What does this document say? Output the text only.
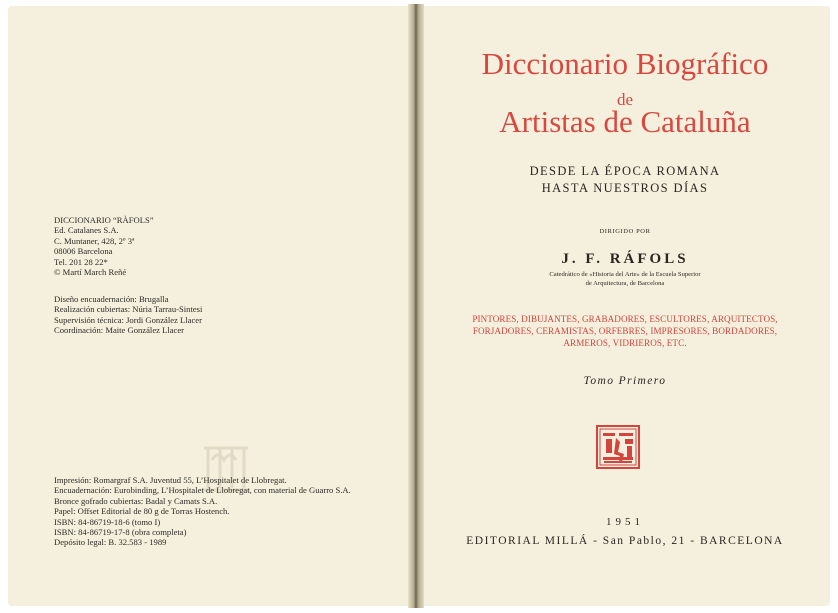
DICCIONARIO “RÀFOLS”
Ed. Catalanes S.A.
C. Muntaner, 428, 2º 3ª
08006 Barcelona
Tel. 201 28 22*
© Martí March Reñé
Diseño encuadernación: Brugalla
Realización cubiertas: Núria Tarrau-Sintesi
Supervisión técnica: Jordi González Llacer
Coordinación: Maite González Llacer
Impresión: Romargraf S.A. Juventud 55, L’Hospitalet de Llobregat.
Encuadernación: Eurobinding, L’Hospitalet de Llobregat, con material de Guarro S.A.
Bronce gofrado cubiertas: Badal y Camats S.A.
Papel: Offset Editorial de 80 g de Torras Hostench.
ISBN: 84-86719-18-6 (tomo I)
ISBN: 84-86719-17-8 (obra completa)
Depósito legal: B. 32.583 - 1989
Diccionario Biográfico
de
Artistas de Cataluña
DESDE LA ÉPOCA ROMANA
HASTA NUESTROS DÍAS
DIRIGIDO POR
J. F. RÁFOLS
Catedrático de «Historia del Arte» de la Escuela Superior
de Arquitectura, de Barcelona
PINTORES, DIBUJANTES, GRABADORES, ESCULTORES, ARQUITECTOS,
FORJADORES, CERAMISTAS, ORFEBRES, IMPRESORES, BORDADORES,
ARMEROS, VIDRIEROS, ETC.
Tomo Primero
1951
EDITORIAL MILLÁ - San Pablo, 21 - BARCELONA
